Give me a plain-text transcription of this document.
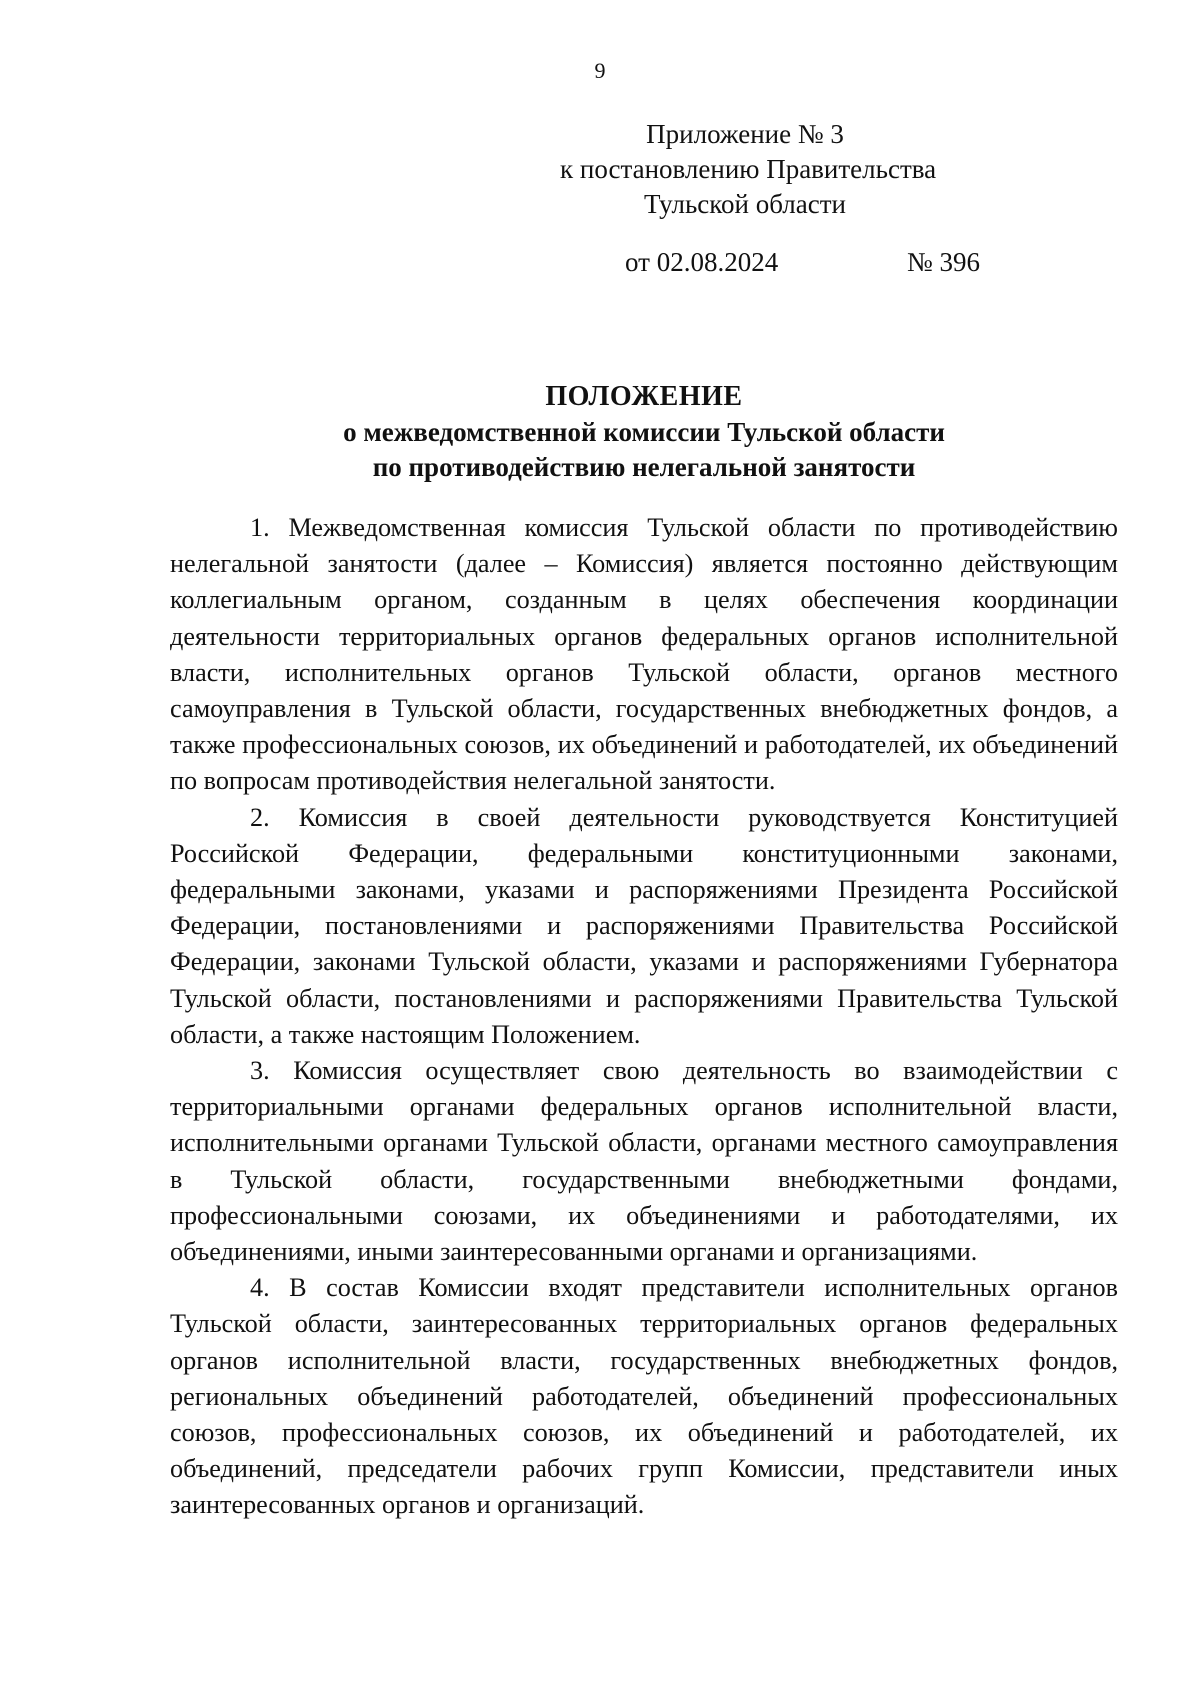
9
Приложение № 3
к постановлению Правительства
Тульской области
от 02.08.2024	№ 396
ПОЛОЖЕНИЕ
о межведомственной комиссии Тульской области
по противодействию нелегальной занятости

1. Межведомственная комиссия Тульской области по противодействию нелегальной занятости (далее – Комиссия) является постоянно действующим коллегиальным органом, созданным в целях обеспечения координации деятельности территориальных органов федеральных органов исполнительной власти, исполнительных органов Тульской области, органов местного самоуправления в Тульской области, государственных внебюджетных фондов, а также профессиональных союзов, их объединений и работодателей, их объединений по вопросам противодействия нелегальной занятости.

2. Комиссия в своей деятельности руководствуется Конституцией Российской Федерации, федеральными конституционными законами, федеральными законами, указами и распоряжениями Президента Российской Федерации, постановлениями и распоряжениями Правительства Российской Федерации, законами Тульской области, указами и распоряжениями Губернатора Тульской области, постановлениями и распоряжениями Правительства Тульской области, а также настоящим Положением.

3. Комиссия осуществляет свою деятельность во взаимодействии с территориальными органами федеральных органов исполнительной власти, исполнительными органами Тульской области, органами местного самоуправления в Тульской области, государственными внебюджетными фондами, профессиональными союзами, их объединениями и работодателями, их объединениями, иными заинтересованными органами и организациями.

4. В состав Комиссии входят представители исполнительных органов Тульской области, заинтересованных территориальных органов федеральных органов исполнительной власти, государственных внебюджетных фондов, региональных объединений работодателей, объединений профессиональных союзов, профессиональных союзов, их объединений и работодателей, их объединений, председатели рабочих групп Комиссии, представители иных заинтересованных органов и организаций.
